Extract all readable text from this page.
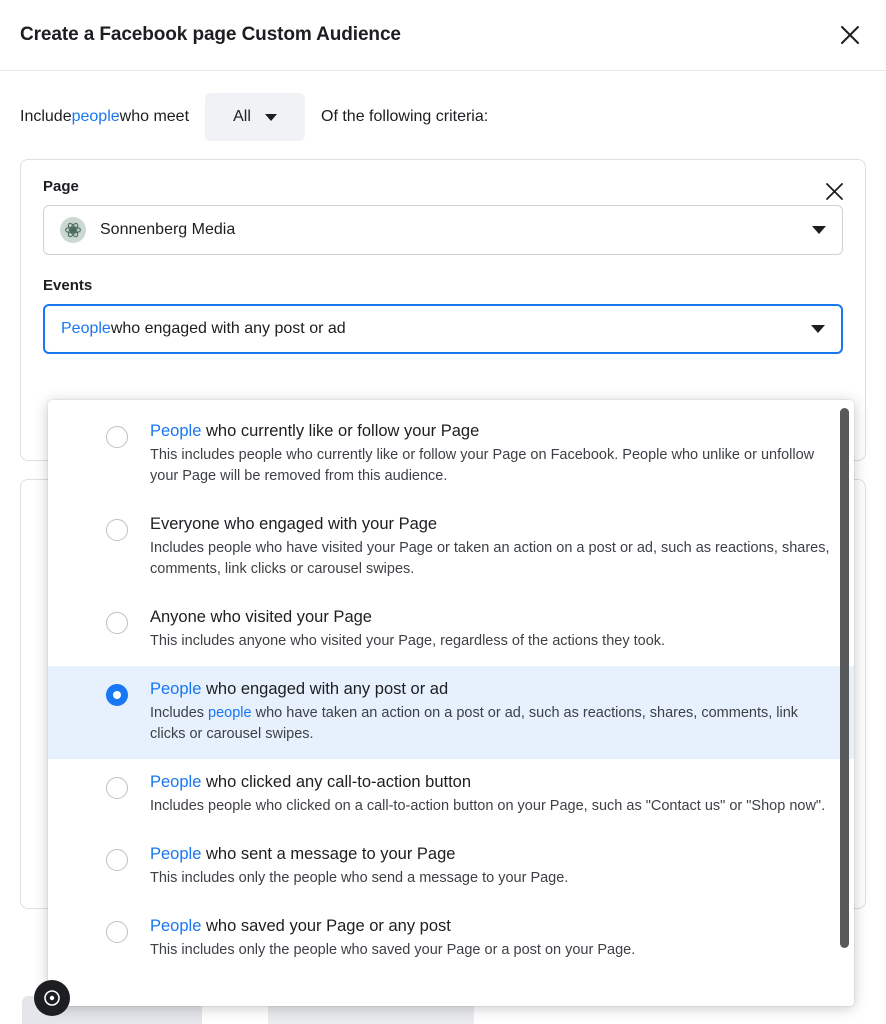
Create a Facebook page Custom Audience
Include people who meet	All	Of the following criteria:
Page
Sonnenberg Media
Events
People who engaged with any post or ad
People who currently like or follow your Page
This includes people who currently like or follow your Page on Facebook. People who unlike or unfollow your Page will be removed from this audience.
Everyone who engaged with your Page
Includes people who have visited your Page or taken an action on a post or ad, such as reactions, shares, comments, link clicks or carousel swipes.
Anyone who visited your Page
This includes anyone who visited your Page, regardless of the actions they took.
People who engaged with any post or ad
Includes people who have taken an action on a post or ad, such as reactions, shares, comments, link clicks or carousel swipes.
People who clicked any call-to-action button
Includes people who clicked on a call-to-action button on your Page, such as "Contact us" or "Shop now".
People who sent a message to your Page
This includes only the people who send a message to your Page.
People who saved your Page or any post
This includes only the people who saved your Page or a post on your Page.
